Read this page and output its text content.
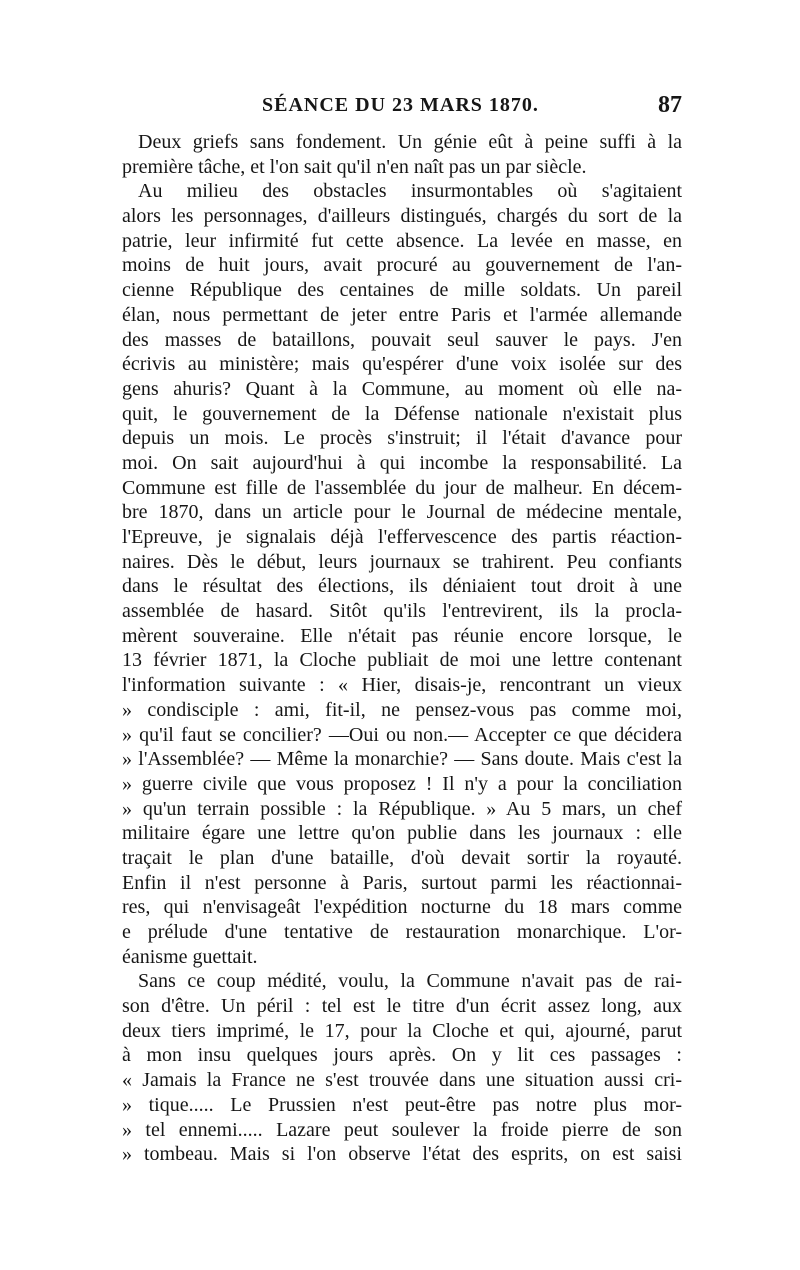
SÉANCE DU 23 MARS 1870.	87
Deux griefs sans fondement. Un génie eût à peine suffi à la
première tâche, et l'on sait qu'il n'en naît pas un par siècle.
Au milieu des obstacles insurmontables où s'agitaient
alors les personnages, d'ailleurs distingués, chargés du sort de la
patrie, leur infirmité fut cette absence. La levée en masse, en
moins de huit jours, avait procuré au gouvernement de l'an-
cienne République des centaines de mille soldats. Un pareil
élan, nous permettant de jeter entre Paris et l'armée allemande
des masses de bataillons, pouvait seul sauver le pays. J'en
écrivis au ministère; mais qu'espérer d'une voix isolée sur des
gens ahuris? Quant à la Commune, au moment où elle na-
quit, le gouvernement de la Défense nationale n'existait plus
depuis un mois. Le procès s'instruit; il l'était d'avance pour
moi. On sait aujourd'hui à qui incombe la responsabilité. La
Commune est fille de l'assemblée du jour de malheur. En décem-
bre 1870, dans un article pour le Journal de médecine mentale,
l'Epreuve, je signalais déjà l'effervescence des partis réaction-
naires. Dès le début, leurs journaux se trahirent. Peu confiants
dans le résultat des élections, ils déniaient tout droit à une
assemblée de hasard. Sitôt qu'ils l'entrevirent, ils la procla-
mèrent souveraine. Elle n'était pas réunie encore lorsque, le
13 février 1871, la Cloche publiait de moi une lettre contenant
l'information suivante : « Hier, disais-je, rencontrant un vieux
» condisciple : ami, fit-il, ne pensez-vous pas comme moi,
» qu'il faut se concilier? —Oui ou non.— Accepter ce que décidera
» l'Assemblée? — Même la monarchie? — Sans doute. Mais c'est la
» guerre civile que vous proposez ! Il n'y a pour la conciliation
» qu'un terrain possible : la République. » Au 5 mars, un chef
militaire égare une lettre qu'on publie dans les journaux : elle
traçait le plan d'une bataille, d'où devait sortir la royauté.
Enfin il n'est personne à Paris, surtout parmi les réactionnai-
res, qui n'envisageât l'expédition nocturne du 18 mars comme
e prélude d'une tentative de restauration monarchique. L'or-
éanisme guettait.
Sans ce coup médité, voulu, la Commune n'avait pas de rai-
son d'être. Un péril : tel est le titre d'un écrit assez long, aux
deux tiers imprimé, le 17, pour la Cloche et qui, ajourné, parut
à mon insu quelques jours après. On y lit ces passages :
« Jamais la France ne s'est trouvée dans une situation aussi cri-
» tique..... Le Prussien n'est peut-être pas notre plus mor-
» tel ennemi..... Lazare peut soulever la froide pierre de son
» tombeau. Mais si l'on observe l'état des esprits, on est saisi
